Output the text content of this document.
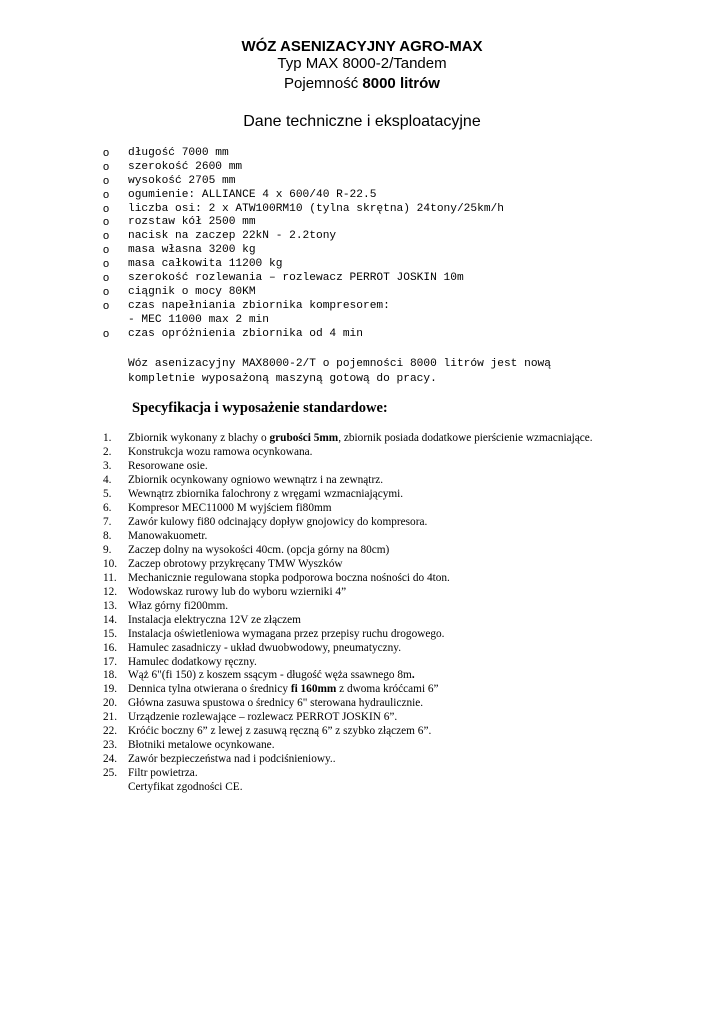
WÓZ ASENIZACYJNY AGRO-MAX
Typ MAX 8000-2/Tandem
Pojemność 8000 litrów
Dane techniczne i eksploatacyjne
o długość 7000 mm
o szerokość 2600 mm
o wysokość 2705 mm
o ogumienie: ALLIANCE 4 x 600/40 R-22.5
o liczba osi: 2 x ATW100RM10 (tylna skrętna) 24tony/25km/h
o rozstaw kół 2500 mm
o nacisk na zaczep 22kN - 2.2tony
o masa własna 3200 kg
o masa całkowita 11200 kg
o szerokość rozlewania – rozlewacz PERROT JOSKIN 10m
o ciągnik o mocy 80KM
o czas napełniania zbiornika kompresorem:
- MEC 11000 max 2 min
o czas opróżnienia zbiornika od 4 min
Wóz asenizacyjny MAX8000-2/T o pojemności 8000 litrów jest nową
kompletnie wyposażoną maszyną gotową do pracy.
Specyfikacja i wyposażenie standardowe:
1. Zbiornik wykonany z blachy o grubości 5mm, zbiornik posiada dodatkowe pierścienie wzmacniające.
2. Konstrukcja wozu ramowa ocynkowana.
3. Resorowane osie.
4. Zbiornik ocynkowany ogniowo wewnątrz i na zewnątrz.
5. Wewnątrz zbiornika falochrony z wręgami wzmacniającymi.
6. Kompresor MEC11000 M wyjściem fi80mm
7. Zawór kulowy fi80 odcinający dopływ gnojowicy do kompresora.
8. Manowakuometr.
9. Zaczep dolny na wysokości 40cm. (opcja górny na 80cm)
10. Zaczep obrotowy przykręcany TMW Wyszków
11. Mechanicznie regulowana stopka podporowa boczna nośności do 4ton.
12. Wodowskaz rurowy lub do wyboru wzierniki 4”
13. Właz górny fi200mm.
14. Instalacja elektryczna 12V ze złączem
15. Instalacja oświetleniowa wymagana przez przepisy ruchu drogowego.
16. Hamulec zasadniczy - układ dwuobwodowy, pneumatyczny.
17. Hamulec dodatkowy ręczny.
18. Wąż 6"(fi 150) z koszem ssącym - długość węża ssawnego 8m.
19. Dennica tylna otwierana o średnicy fi 160mm z dwoma króćcami 6”
20. Główna zasuwa spustowa o średnicy 6" sterowana hydraulicznie.
21. Urządzenie rozlewające – rozlewacz PERROT JOSKIN 6”.
22. Króćic boczny 6” z lewej z zasuwą ręczną 6” z szybko złączem 6”.
23. Błotniki metalowe ocynkowane.
24. Zawór bezpieczeństwa nad i podciśnieniowy..
25. Filtr powietrza.
Certyfikat zgodności CE.
